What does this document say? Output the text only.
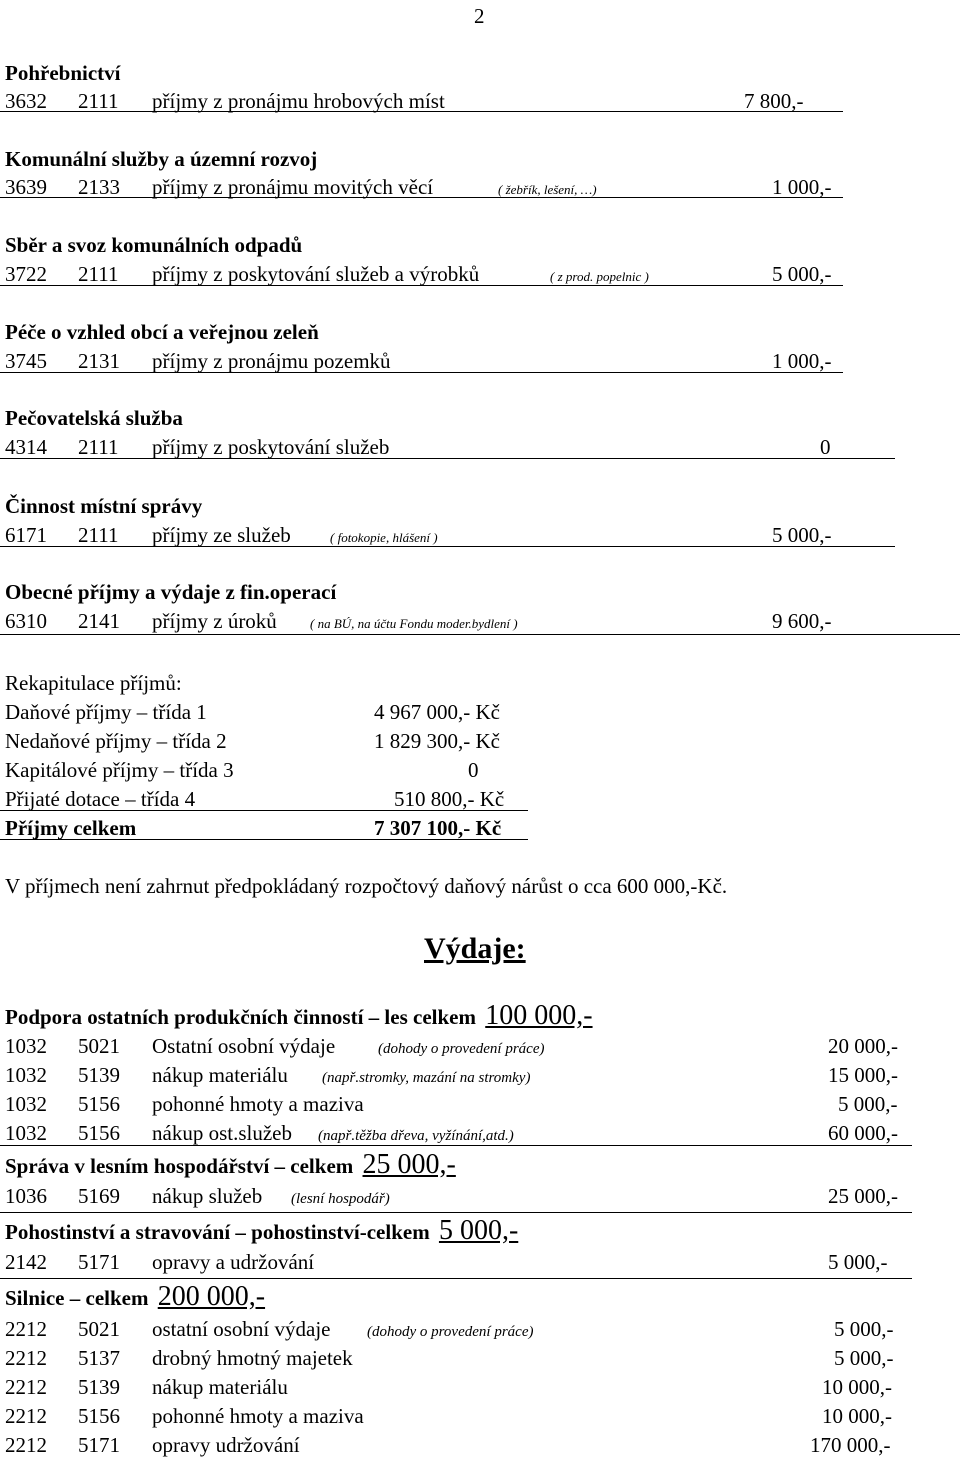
2
Pohřebnictví
3632 2111 příjmy z pronájmu hrobových míst	7 800,-
Komunální služby a územní rozvoj
3639 2133 příjmy z pronájmu movitých věcí	( žebřík, lešení, …)	1 000,-
Sběr a svoz komunálních odpadů
3722 2111 příjmy z poskytování služeb a výrobků	( z prod. popelnic )	5 000,-
Péče o vzhled obcí a veřejnou zeleň
3745 2131 příjmy z pronájmu pozemků	1 000,-
Pečovatelská služba
4314 2111 příjmy z poskytování služeb	0
Činnost místní správy
6171 2111 příjmy ze služeb	( fotokopie, hlášení )	5 000,-
Obecné příjmy a výdaje z fin.operací
6310 2141 příjmy z úroků	( na BÚ, na účtu Fondu moder.bydlení )	9 600,-
Rekapitulace příjmů:
Daňové příjmy – třída 1	4 967 000,- Kč
Nedaňové příjmy – třída 2	1 829 300,- Kč
Kapitálové příjmy – třída 3	0
Přijaté dotace – třída 4	510 800,- Kč
Příjmy celkem	7 307 100,- Kč
V příjmech není zahrnut předpokládaný rozpočtový daňový nárůst o cca 600 000,-Kč.
Výdaje:
Podpora ostatních produkčních činností – les celkem 100 000,-
1032 5021 Ostatní osobní výdaje	(dohody o provedení práce)	20 000,-
1032 5139 nákup materiálu (např.stromky, mazání na stromky)	15 000,-
1032 5156 pohonné hmoty a maziva	5 000,-
1032 5156 nákup ost.služeb (např.těžba dřeva, vyžínání,atd.)	60 000,-
Správa v lesním hospodářství – celkem 25 000,-
1036 5169 nákup služeb (lesní hospodář)	25 000,-
Pohostinství a stravování – pohostinství-celkem 5 000,-
2142 5171 opravy a udržování	5 000,-
Silnice – celkem 200 000,-
2212 5021 ostatní osobní výdaje (dohody o provedení práce)	5 000,-
2212 5137 drobný hmotný majetek	5 000,-
2212 5139 nákup materiálu	10 000,-
2212 5156 pohonné hmoty a maziva	10 000,-
2212 5171 opravy udržování	170 000,-
